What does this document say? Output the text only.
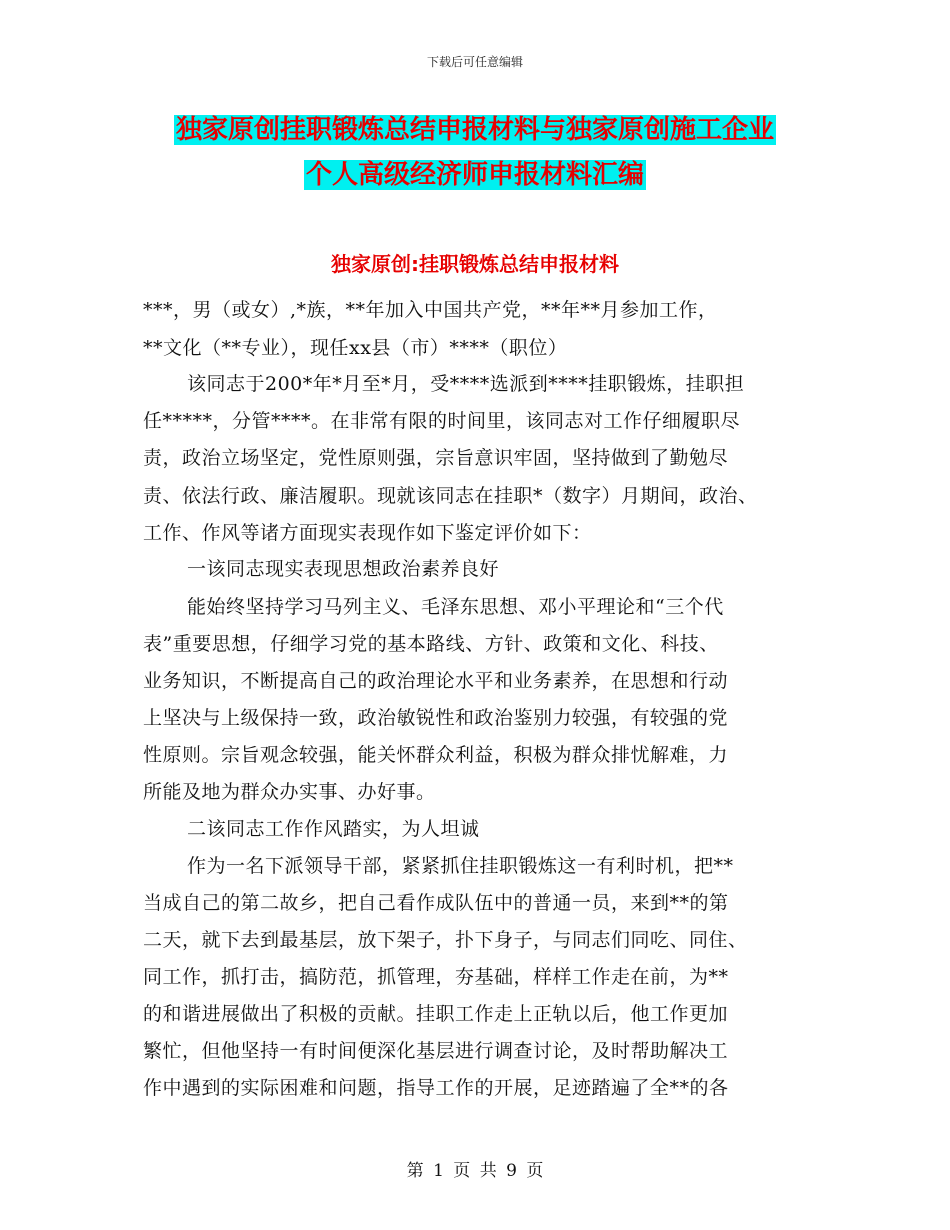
下载后可任意编辑
独家原创挂职锻炼总结申报材料与独家原创施工企业
个人高级经济师申报材料汇编
独家原创:挂职锻炼总结申报材料
***，男（或女）,*族，**年加入中国共产党，**年**月参加工作，
**文化（**专业），现任xx县（市）****（职位）
该同志于200*年*月至*月，受****选派到****挂职锻炼，挂职担
任*****，分管****。在非常有限的时间里，该同志对工作仔细履职尽
责，政治立场坚定，党性原则强，宗旨意识牢固，坚持做到了勤勉尽
责、依法行政、廉洁履职。现就该同志在挂职*（数字）月期间，政治、
工作、作风等诸方面现实表现作如下鉴定评价如下：
一该同志现实表现思想政治素养良好
能始终坚持学习马列主义、毛泽东思想、邓小平理论和“三个代
表”重要思想，仔细学习党的基本路线、方针、政策和文化、科技、
业务知识，不断提高自己的政治理论水平和业务素养，在思想和行动
上坚决与上级保持一致，政治敏锐性和政治鉴别力较强，有较强的党
性原则。宗旨观念较强，能关怀群众利益，积极为群众排忧解难，力
所能及地为群众办实事、办好事。
二该同志工作作风踏实，为人坦诚
作为一名下派领导干部，紧紧抓住挂职锻炼这一有利时机，把**
当成自己的第二故乡，把自己看作成队伍中的普通一员，来到**的第
二天，就下去到最基层，放下架子，扑下身子，与同志们同吃、同住、
同工作，抓打击，搞防范，抓管理，夯基础，样样工作走在前，为**
的和谐进展做出了积极的贡献。挂职工作走上正轨以后，他工作更加
繁忙，但他坚持一有时间便深化基层进行调查讨论，及时帮助解决工
作中遇到的实际困难和问题，指导工作的开展，足迹踏遍了全**的各
第 1 页 共 9 页
